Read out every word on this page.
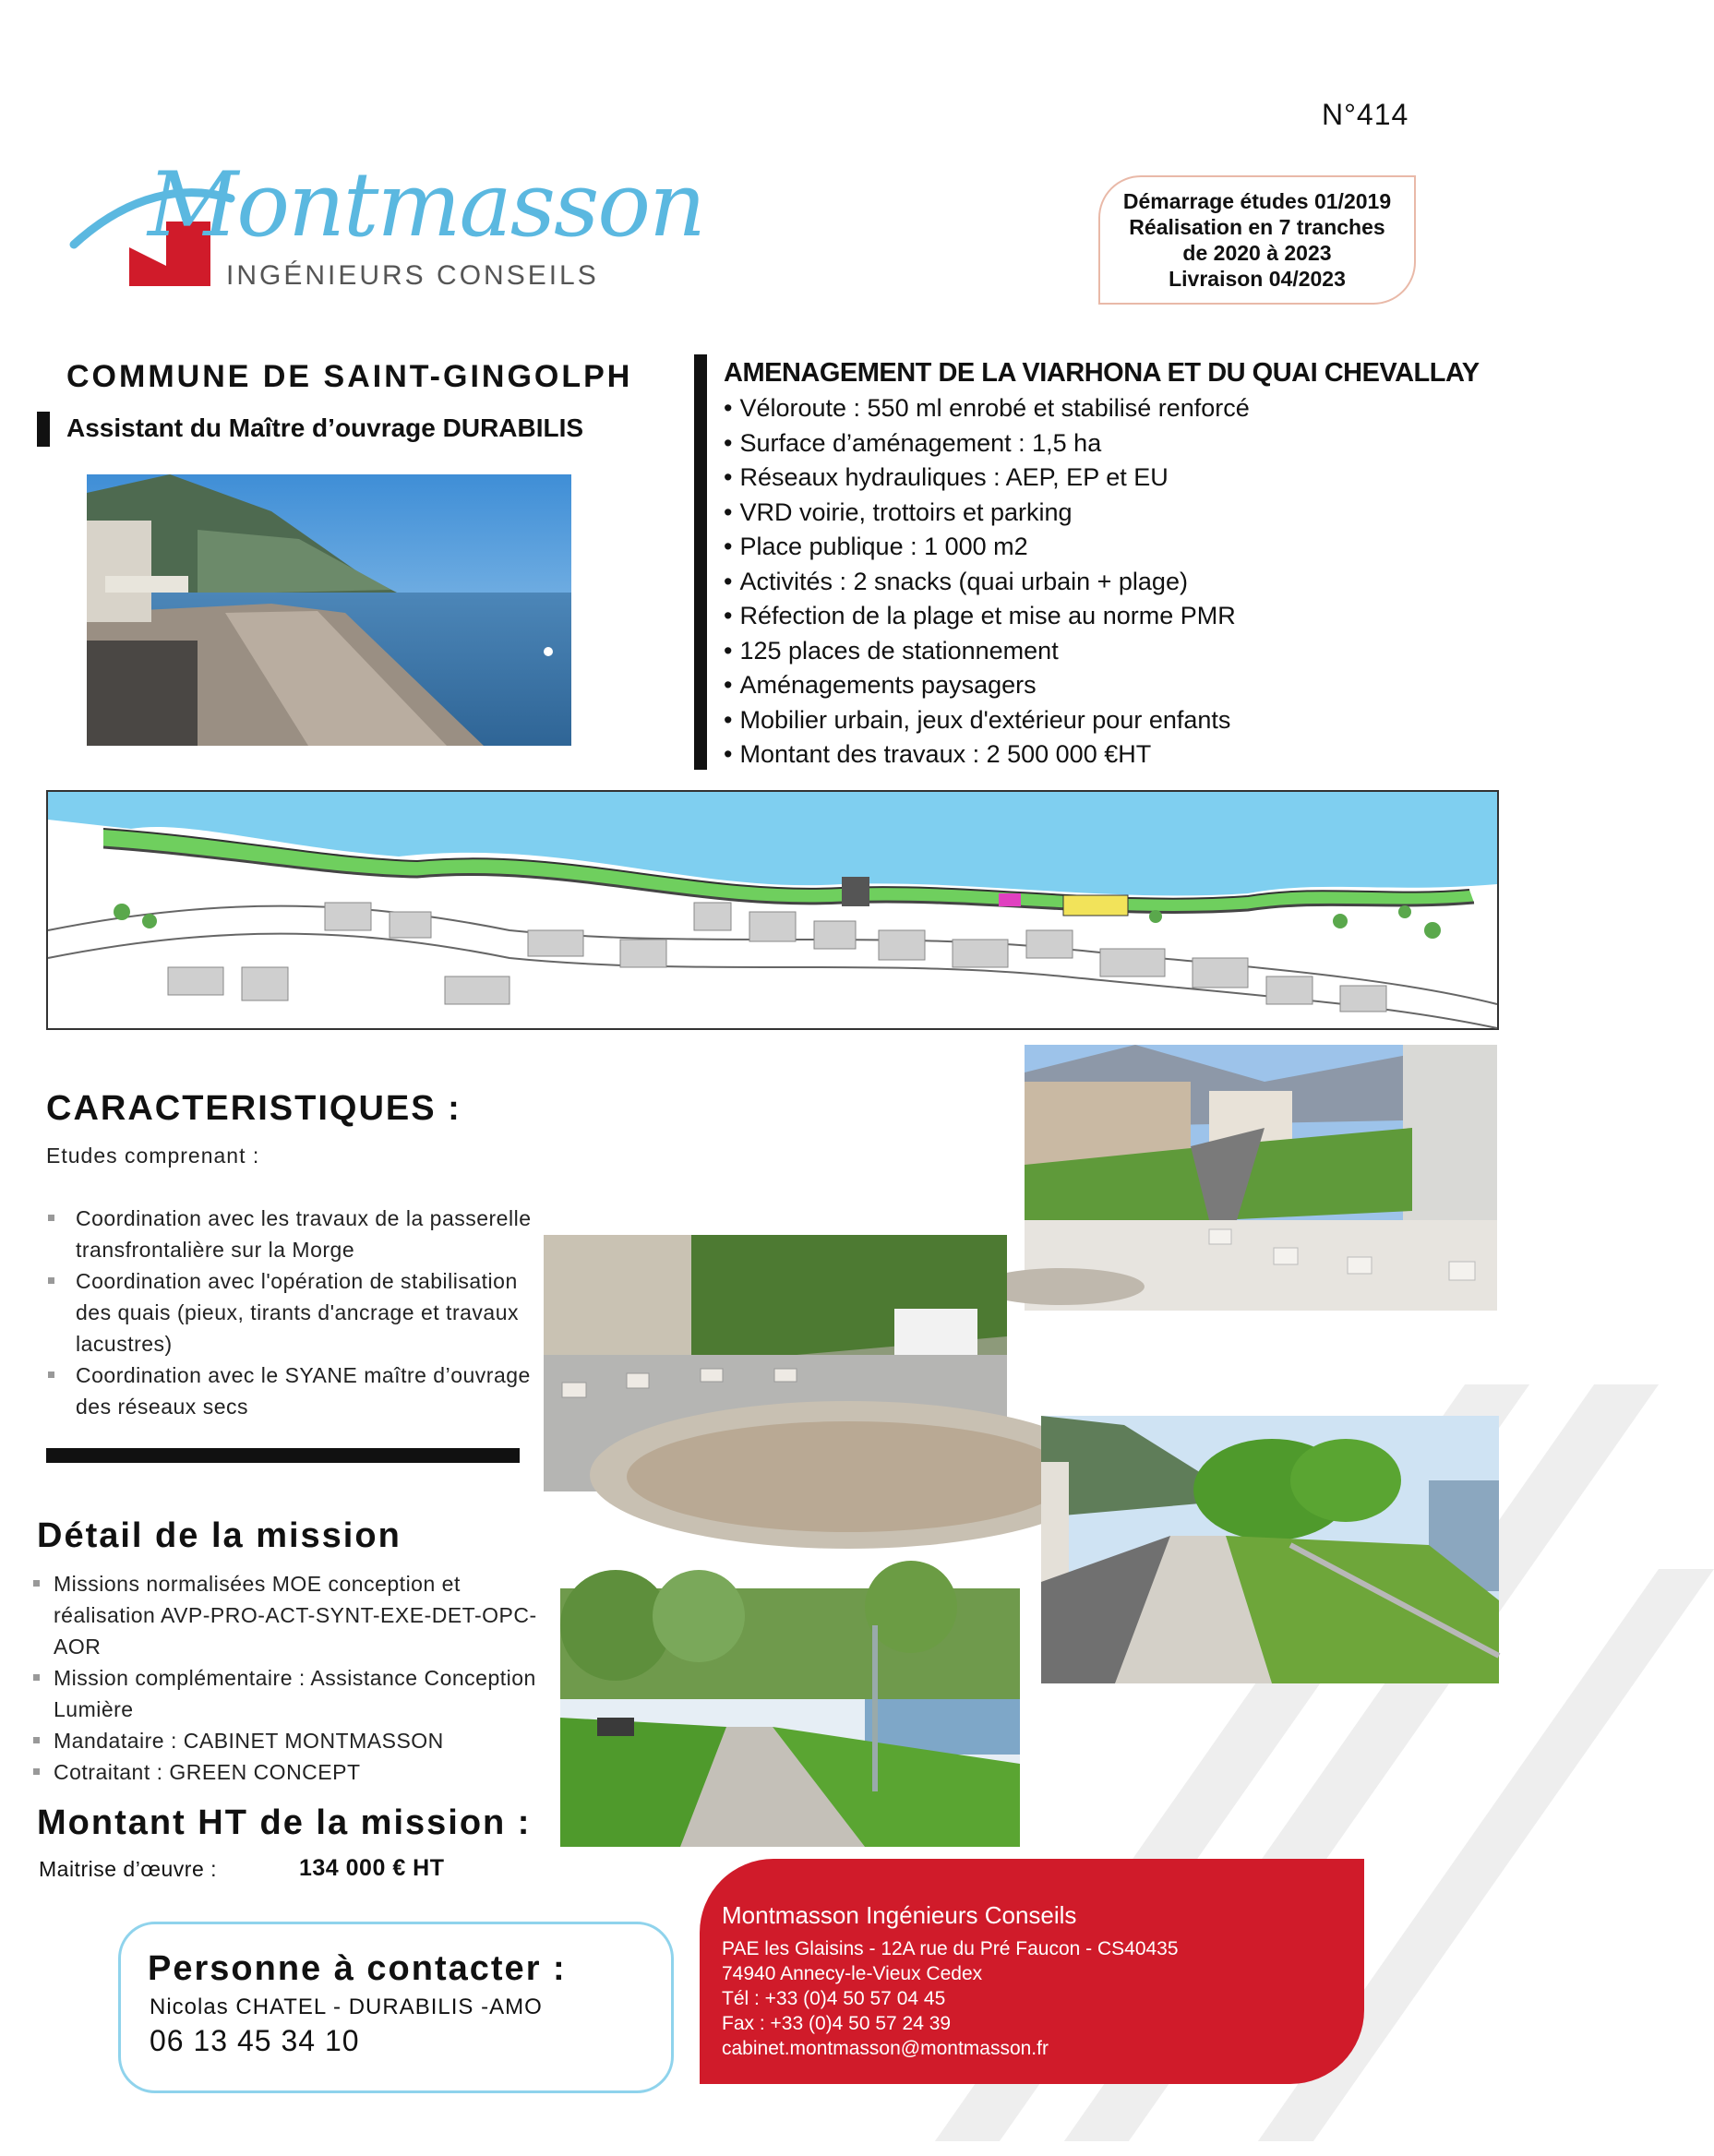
N°414
Montmasson
INGÉNIEURS CONSEILS
Démarrage études 01/2019
Réalisation en 7 tranches
de 2020 à 2023
Livraison 04/2023
COMMUNE DE SAINT-GINGOLPH
Assistant du Maître d’ouvrage DURABILIS
AMENAGEMENT DE LA VIARHONA ET DU QUAI CHEVALLAY
• Véloroute : 550 ml enrobé et stabilisé renforcé
• Surface d’aménagement : 1,5 ha
• Réseaux hydrauliques : AEP, EP et EU
• VRD voirie, trottoirs et parking
• Place publique : 1 000 m2
• Activités : 2 snacks (quai urbain + plage)
• Réfection de la plage et mise au norme PMR
• 125 places de stationnement
• Aménagements paysagers
• Mobilier urbain, jeux d'extérieur pour enfants
• Montant des travaux : 2 500 000 €HT
CARACTERISTIQUES :
Etudes comprenant :
Coordination avec les travaux de la passerelle transfrontalière sur la Morge
Coordination avec l'opération de stabilisation des quais (pieux, tirants d'ancrage et travaux lacustres)
Coordination avec le SYANE maître d’ouvrage des réseaux secs
Détail de la mission
Missions normalisées MOE conception et réalisation AVP-PRO-ACT-SYNT-EXE-DET-OPC-AOR
Mission complémentaire : Assistance Conception Lumière
Mandataire : CABINET MONTMASSON
Cotraitant : GREEN CONCEPT
Montant HT de la mission :
Maitrise d’œuvre :	134 000 € HT
Personne à contacter :
Nicolas CHATEL - DURABILIS -AMO
06 13 45 34 10
Montmasson Ingénieurs Conseils
PAE les Glaisins - 12A rue du Pré Faucon - CS40435
74940 Annecy-le-Vieux Cedex
Tél : +33 (0)4 50 57 04 45
Fax : +33 (0)4 50 57 24 39
cabinet.montmasson@montmasson.fr
